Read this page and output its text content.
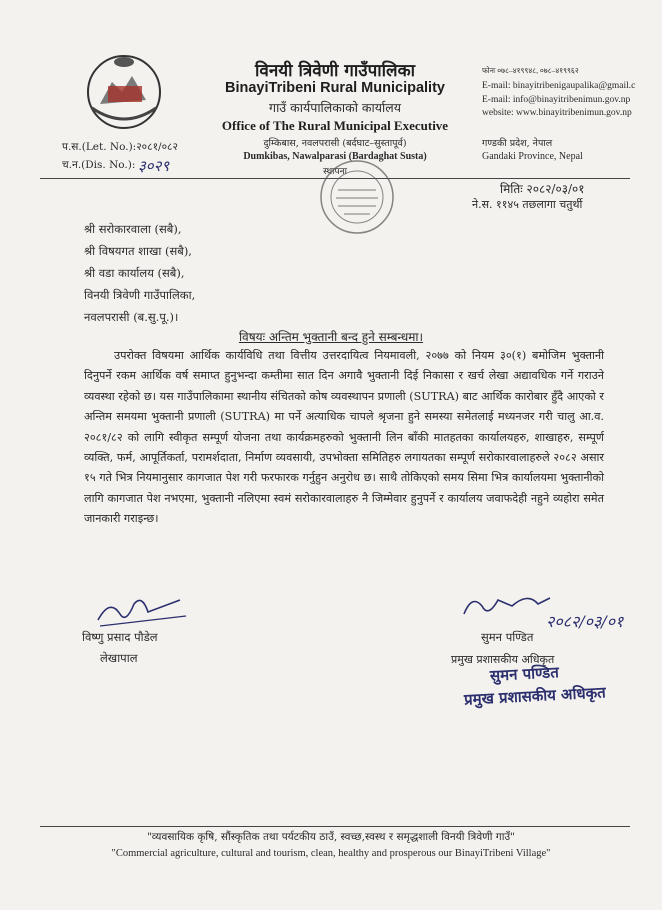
विनयी त्रिवेणी गाउँपालिका
BinayiTribeni Rural Municipality
गाउँ कार्यपालिकाको कार्यालय
Office of The Rural Municipal Executive
दुम्किबास, नवलपरासी (बर्दघाट–सुस्तापूर्व)
Dumkibas, Nawalparasi (Bardaghat Susta)
स्थापना
फोनः ०७८–४१९९४८, ०७८–४१९९६२
E-mail: binayitribenigaupalika@gmail.c
E-mail: info@binayitribenimun.gov.np
website: www.binayitribenimun.gov.np
गण्डकी प्रदेश, नेपाल
Gandaki Province, Nepal
प.स.(Let. No.):२०८१/०८२
च.न.(Dis. No.): ३०२९
मितिः २०८२/०३/०१
ने.स. ११४५ तछलागा चतुर्थी
श्री सरोकारवाला (सबै),
श्री विषयगत शाखा (सबै),
श्री वडा कार्यालय (सबै),
विनयी त्रिवेणी गाउँपालिका,
नवलपरासी (ब.सु.पू.)।
विषयः अन्तिम भुक्तानी बन्द हुने सम्बन्धमा।
उपरोक्त विषयमा आर्थिक कार्यविधि तथा वित्तीय उत्तरदायित्व नियमावली, २०७७ को नियम ३०(१) बमोजिम भुक्तानी दिनुपर्ने रकम आर्थिक वर्ष समाप्त हुनुभन्दा कम्तीमा सात दिन अगावै भुक्तानी दिई निकासा र खर्च लेखा अद्यावधिक गर्ने गराउने व्यवस्था रहेको छ। यस गाउँपालिकामा स्थानीय संचितको कोष व्यवस्थापन प्रणाली (SUTRA) बाट आर्थिक कारोबार हुँदै आएको र अन्तिम समयमा भुक्तानी प्रणाली (SUTRA) मा पर्ने अत्याधिक चापले श्रृजना हुने समस्या समेतलाई मध्यनजर गरी चालु आ.व. २०८१/८२ को लागि स्वीकृत सम्पूर्ण योजना तथा कार्यक्रमहरुको भुक्तानी लिन बाँकी मातहतका कार्यालयहरु, शाखाहरु, सम्पूर्ण व्यक्ति, फर्म, आपूर्तिकर्ता, परामर्शदाता, निर्माण व्यवसायी, उपभोक्ता समितिहरु लगायतका सम्पूर्ण सरोकारवालाहरुले २०८२ असार १५ गते भित्र नियमानुसार कागजात पेश गरी फरफारक गर्नुहुन अनुरोध छ। साथै तोकिएको समय सिमा भित्र कार्यालयमा भुक्तानीको लागि कागजात पेश नभएमा, भुक्तानी नलिएमा स्वमं सरोकारवालाहरु नै जिम्मेवार हुनुपर्ने र कार्यालय जवाफदेही नहुने व्यहोरा समेत जानकारी गराइन्छ।
२०८२/०३/०१
विष्णु प्रसाद पौडेल
लेखापाल
सुमन पण्डित
प्रमुख प्रशासकीय अधिकृत
सुमन पण्डित
प्रमुख प्रशासकीय अधिकृत
"व्यवसायिक कृषि, सौंस्कृतिक तथा पर्यटकीय ठाउँ, स्वच्छ,स्वस्थ र समृद्धशाली विनयी त्रिवेणी गाउँ"
"Commercial agriculture, cultural and tourism, clean, healthy and prosperous our BinayiTribeni Village"
